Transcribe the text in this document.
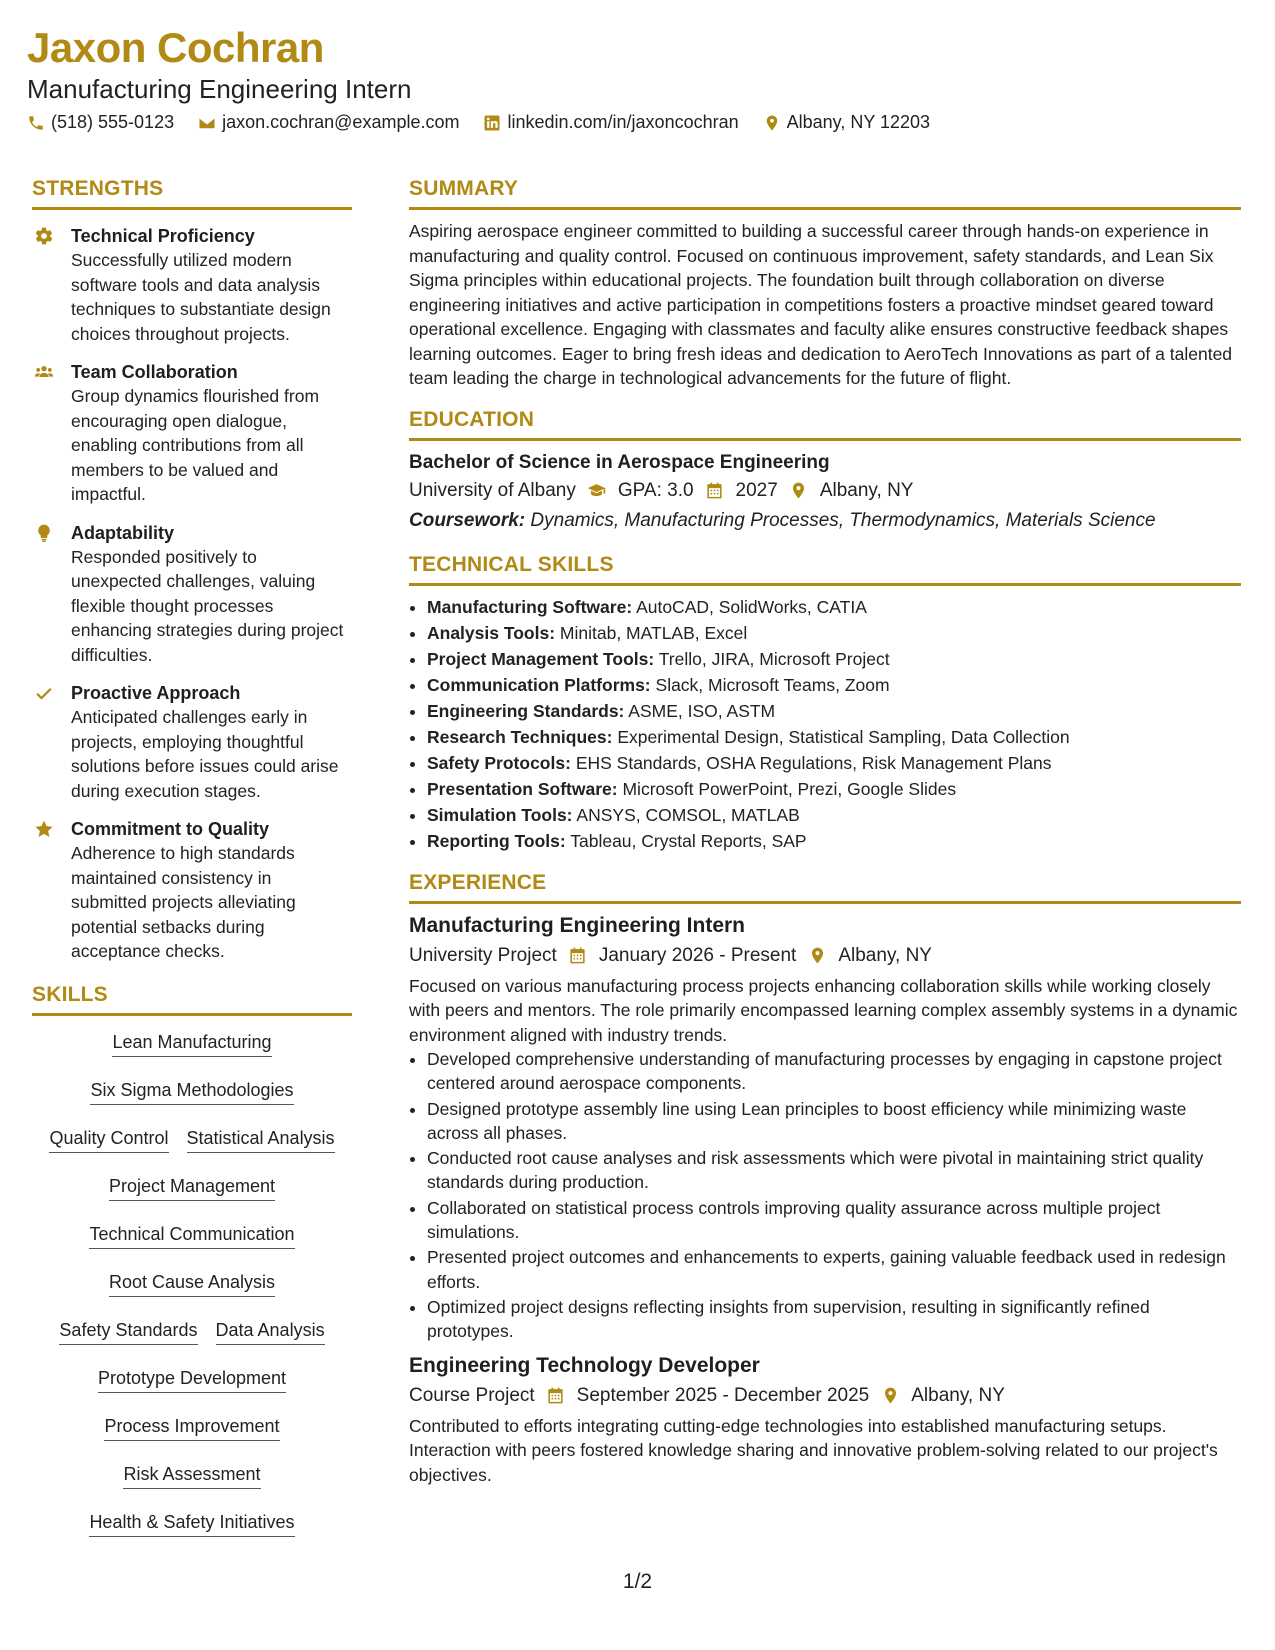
Jaxon Cochran
Manufacturing Engineering Intern
(518) 555-0123	jaxon.cochran@example.com	linkedin.com/in/jaxoncochran	Albany, NY 12203
STRENGTHS
Technical Proficiency
Successfully utilized modern software tools and data analysis techniques to substantiate design choices throughout projects.
Team Collaboration
Group dynamics flourished from encouraging open dialogue, enabling contributions from all members to be valued and impactful.
Adaptability
Responded positively to unexpected challenges, valuing flexible thought processes enhancing strategies during project difficulties.
Proactive Approach
Anticipated challenges early in projects, employing thoughtful solutions before issues could arise during execution stages.
Commitment to Quality
Adherence to high standards maintained consistency in submitted projects alleviating potential setbacks during acceptance checks.
SKILLS
Lean Manufacturing
Six Sigma Methodologies
Quality Control Statistical Analysis
Project Management
Technical Communication
Root Cause Analysis
Safety Standards Data Analysis
Prototype Development
Process Improvement
Risk Assessment
Health & Safety Initiatives
SUMMARY

Aspiring aerospace engineer committed to building a successful career through hands-on experience in manufacturing and quality control. Focused on continuous improvement, safety standards, and Lean Six Sigma principles within educational projects. The foundation built through collaboration on diverse engineering initiatives and active participation in competitions fosters a proactive mindset geared toward operational excellence. Engaging with classmates and faculty alike ensures constructive feedback shapes learning outcomes. Eager to bring fresh ideas and dedication to AeroTech Innovations as part of a talented team leading the charge in technological advancements for the future of flight.

EDUCATION
Bachelor of Science in Aerospace Engineering
University of Albany GPA: 3.0 2027 Albany, NY
Coursework: Dynamics, Manufacturing Processes, Thermodynamics, Materials Science
TECHNICAL SKILLS
• Manufacturing Software: AutoCAD, SolidWorks, CATIA
• Analysis Tools: Minitab, MATLAB, Excel
• Project Management Tools: Trello, JIRA, Microsoft Project
• Communication Platforms: Slack, Microsoft Teams, Zoom
• Engineering Standards: ASME, ISO, ASTM
• Research Techniques: Experimental Design, Statistical Sampling, Data Collection
• Safety Protocols: EHS Standards, OSHA Regulations, Risk Management Plans
• Presentation Software: Microsoft PowerPoint, Prezi, Google Slides
• Simulation Tools: ANSYS, COMSOL, MATLAB
• Reporting Tools: Tableau, Crystal Reports, SAP
EXPERIENCE
Manufacturing Engineering Intern
University Project January 2026 - Present Albany, NY

Focused on various manufacturing process projects enhancing collaboration skills while working closely with peers and mentors. The role primarily encompassed learning complex assembly systems in a dynamic environment aligned with industry trends.

• Developed comprehensive understanding of manufacturing processes by engaging in capstone project centered around aerospace components.
• Designed prototype assembly line using Lean principles to boost efficiency while minimizing waste across all phases.
• Conducted root cause analyses and risk assessments which were pivotal in maintaining strict quality standards during production.
• Collaborated on statistical process controls improving quality assurance across multiple project simulations.
• Presented project outcomes and enhancements to experts, gaining valuable feedback used in redesign efforts.
• Optimized project designs reflecting insights from supervision, resulting in significantly refined prototypes.
Engineering Technology Developer
Course Project September 2025 - December 2025 Albany, NY

Contributed to efforts integrating cutting-edge technologies into established manufacturing setups. Interaction with peers fostered knowledge sharing and innovative problem-solving related to our project's objectives.

1/2
